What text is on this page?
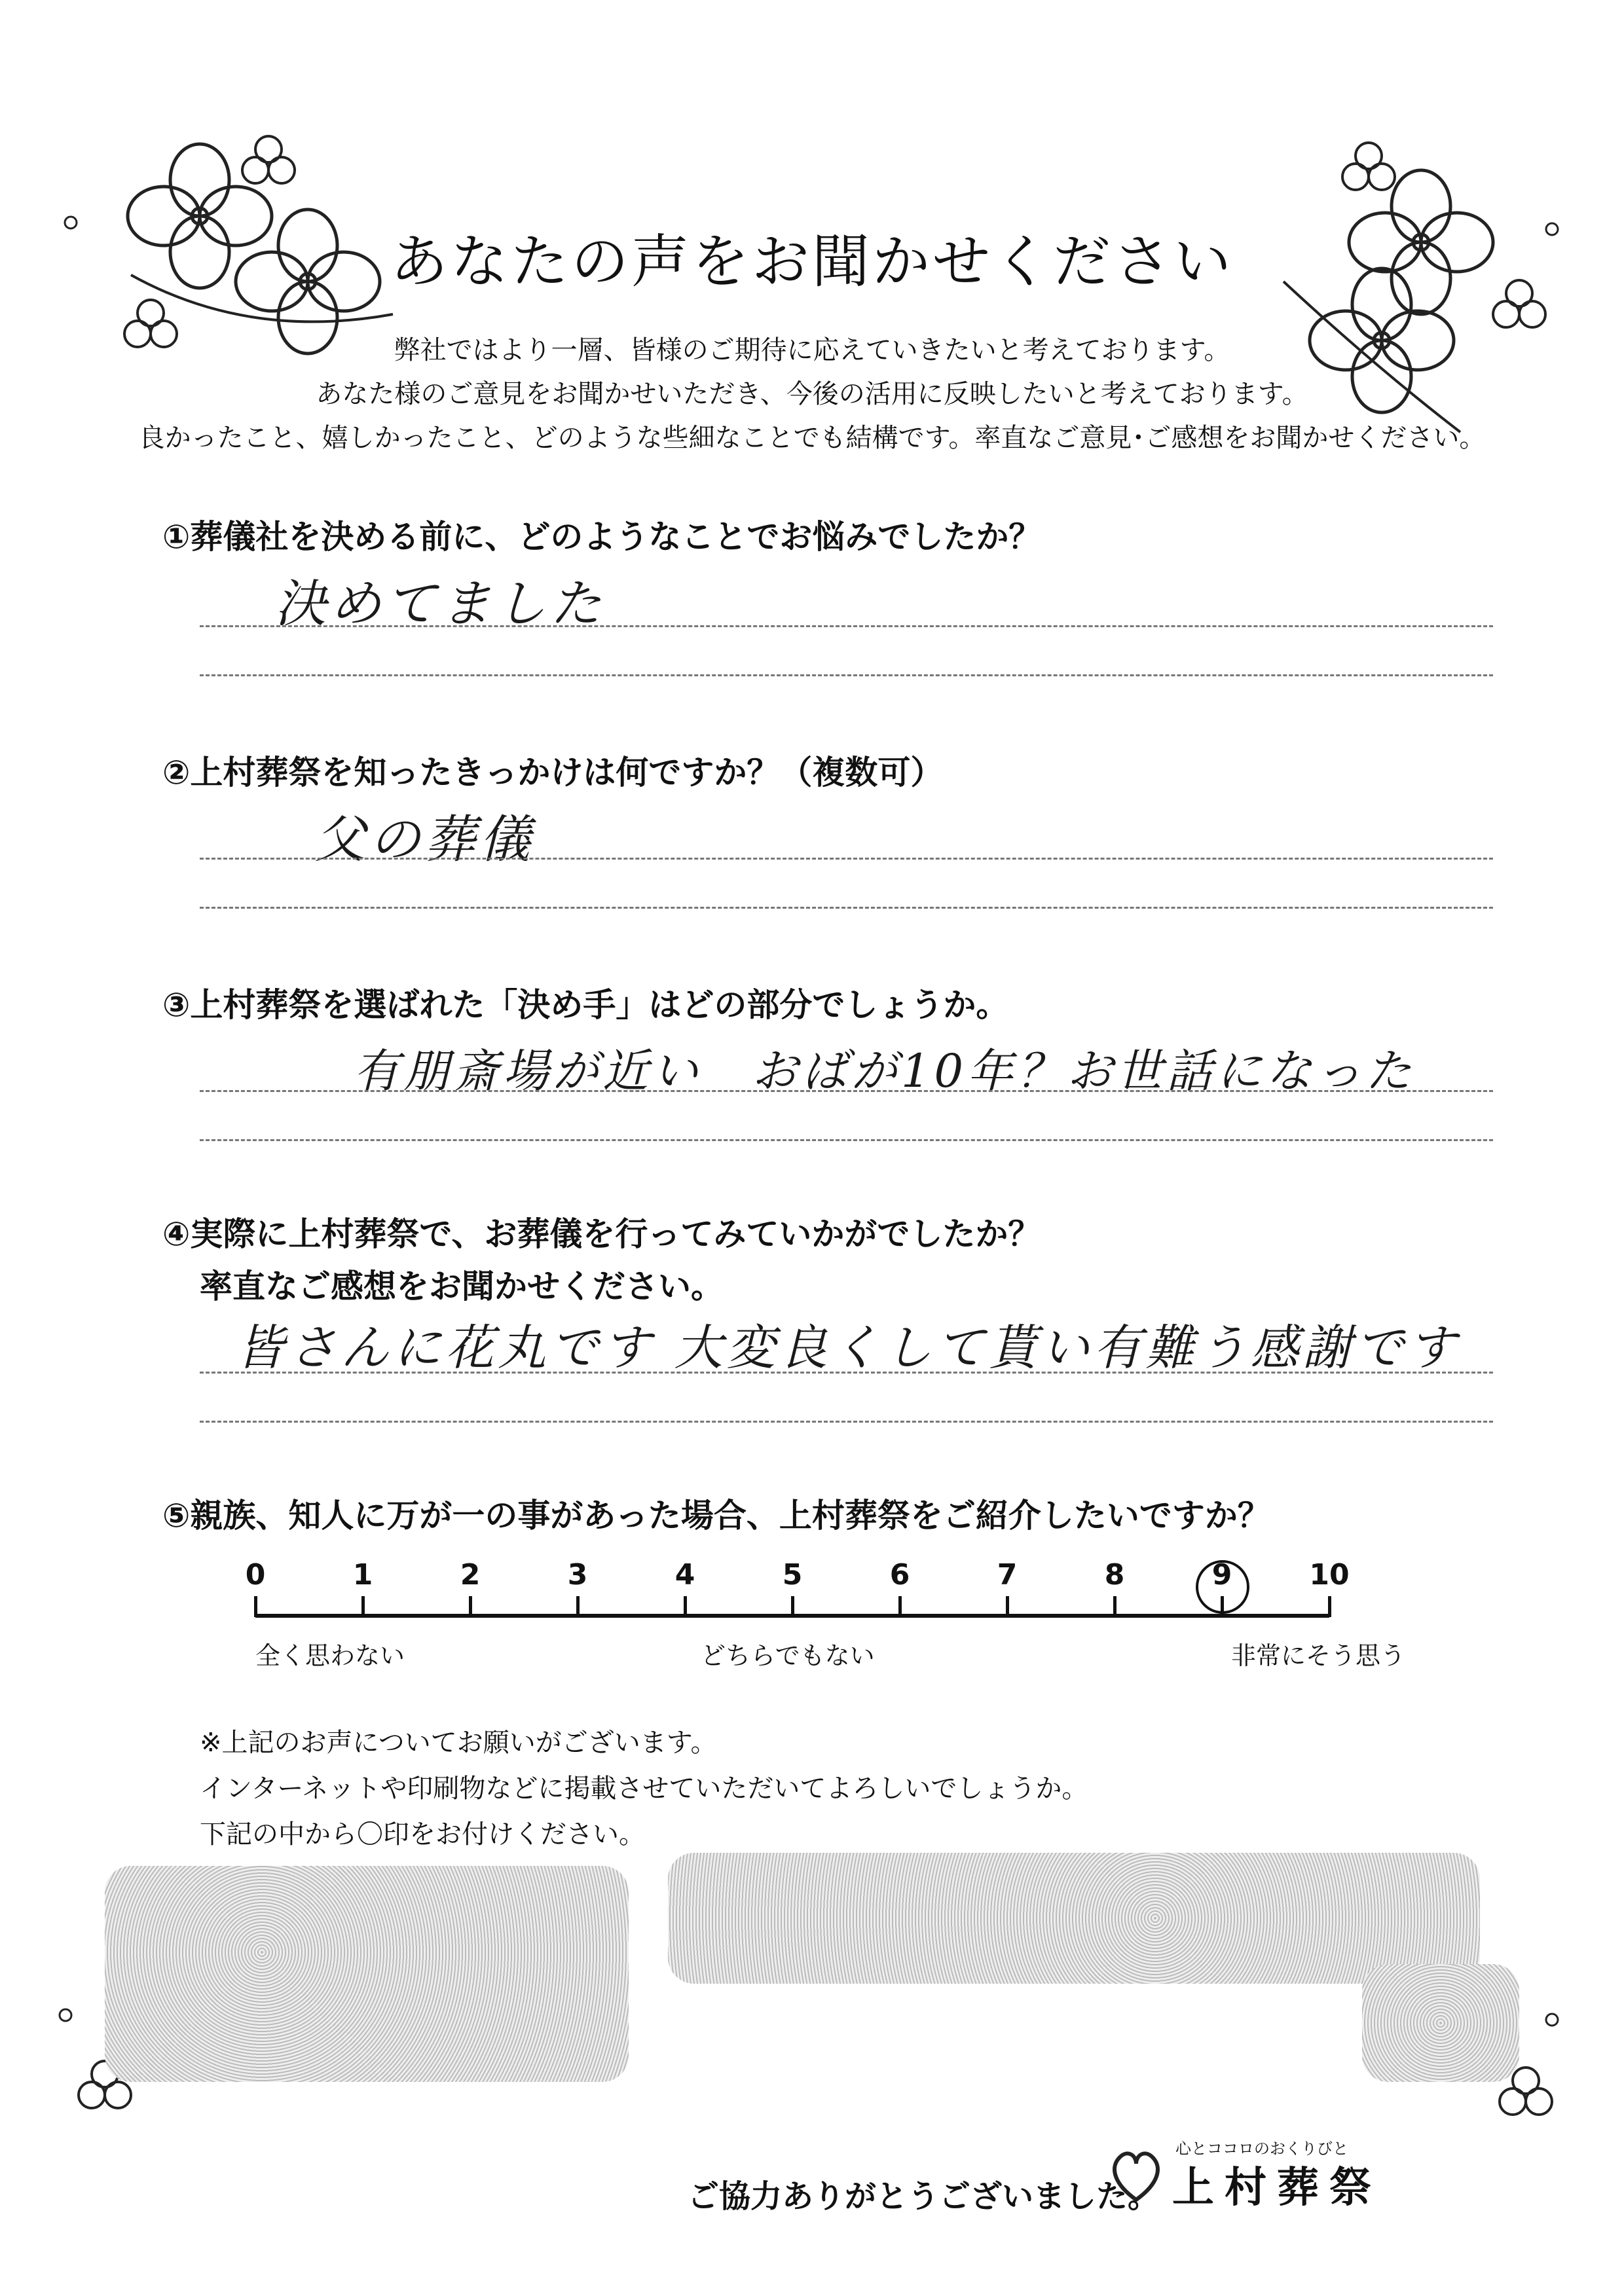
あなたの声をお聞かせください
弊社ではより一層、皆様のご期待に応えていきたいと考えております。
あなた様のご意見をお聞かせいただき、今後の活用に反映したいと考えております。
良かったこと、嬉しかったこと、どのような些細なことでも結構です。率直なご意見･ご感想をお聞かせください。
①葬儀社を決める前に、どのようなことでお悩みでしたか？
決めてました
②上村葬祭を知ったきっかけは何ですか？（複数可）
父の葬儀
③上村葬祭を選ばれた「決め手」はどの部分でしょうか。
有朋斎場が近い　おばが10年？お世話になった
④実際に上村葬祭で、お葬儀を行ってみていかがでしたか？
率直なご感想をお聞かせください。
皆さんに花丸です 大変良くして貰い有難う感謝です
⑤親族、知人に万が一の事があった場合、上村葬祭をご紹介したいですか？
全く思わない	どちらでもない	非常にそう思う
0	1	2	3	4	5	6	7	8	9	10
※上記のお声についてお願いがございます。
インターネットや印刷物などに掲載させていただいてよろしいでしょうか。
下記の中から〇印をお付けください。
ご協力ありがとうございました。
心とココロのおくりびと
上村葬祭
